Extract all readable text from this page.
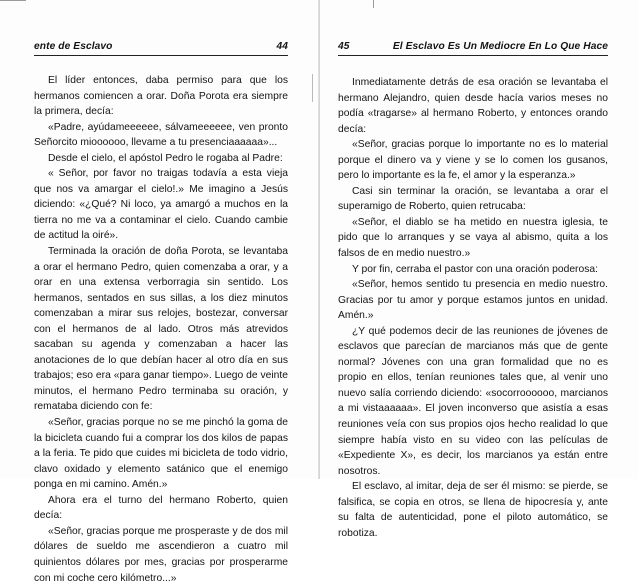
ente de Esclavo	44

El líder entonces, daba permiso para que los hermanos comiencen a orar. Doña Porota era siempre la primera, decía:

«Padre, ayúdameeeeee, sálvameeeeee, ven pronto Señorcito mioooooo, llevame a tu presenciaaaaaa»...

Desde el cielo, el apóstol Pedro le rogaba al Padre:

« Señor, por favor no traigas todavía a esta vieja que nos va amargar el cielo!.» Me imagino a Jesús diciendo: «¿Qué? Ni loco, ya amargó a muchos en la tierra no me va a contaminar el cielo. Cuando cambie de actitud la oiré».

Terminada la oración de doña Porota, se levantaba a orar el hermano Pedro, quien comenzaba a orar, y a orar en una extensa verborragia sin sentido. Los hermanos, sentados en sus sillas, a los diez minutos comenzaban a mirar sus relojes, bostezar, conversar con el hermanos de al lado. Otros más atrevidos sacaban su agenda y comenzaban a hacer las anotaciones de lo que debían hacer al otro día en sus trabajos; eso era «para ganar tiempo». Luego de veinte minutos, el hermano Pedro terminaba su oración, y remataba diciendo con fe:

«Señor, gracias porque no se me pinchó la goma de la bicicleta cuando fui a comprar los dos kilos de papas a la feria. Te pido que cuides mi bicicleta de todo vidrio, clavo oxidado y elemento satánico que el enemigo ponga en mi camino. Amén.»

Ahora era el turno del hermano Roberto, quien decía:

«Señor, gracias porque me prosperaste y de dos mil dólares de sueldo me ascendieron a cuatro mil quinientos dólares por mes, gracias por prosperarme con mi coche cero kilómetro...»

45	El Esclavo Es Un Mediocre En Lo Que Hace

Inmediatamente detrás de esa oración se levantaba el hermano Alejandro, quien desde hacía varios meses no podía «tragarse» al hermano Roberto, y entonces orando decía:

«Señor, gracias porque lo importante no es lo material porque el dinero va y viene y se lo comen los gusanos, pero lo importante es la fe, el amor y la esperanza.»

Casi sin terminar la oración, se levantaba a orar el superamigo de Roberto, quien retrucaba:

«Señor, el diablo se ha metido en nuestra iglesia, te pido que lo arranques y se vaya al abismo, quita a los falsos de en medio nuestro.»

Y por fin, cerraba el pastor con una oración poderosa:

«Señor, hemos sentido tu presencia en medio nuestro. Gracias por tu amor y porque estamos juntos en unidad. Amén.»

¿Y qué podemos decir de las reuniones de jóvenes de esclavos que parecían de marcianos más que de gente normal? Jóvenes con una gran formalidad que no es propio en ellos, tenían reuniones tales que, al venir uno nuevo salía corriendo diciendo: «socorroooooo, marcianos a mi vistaaaaaa». El joven inconverso que asistía a esas reuniones veía con sus propios ojos hecho realidad lo que siempre había visto en su video con las películas de «Expediente X», es decir, los marcianos ya están entre nosotros.

El esclavo, al imitar, deja de ser él mismo: se pierde, se falsifica, se copia en otros, se llena de hipocresía y, ante su falta de autenticidad, pone el piloto automático, se robotiza.
